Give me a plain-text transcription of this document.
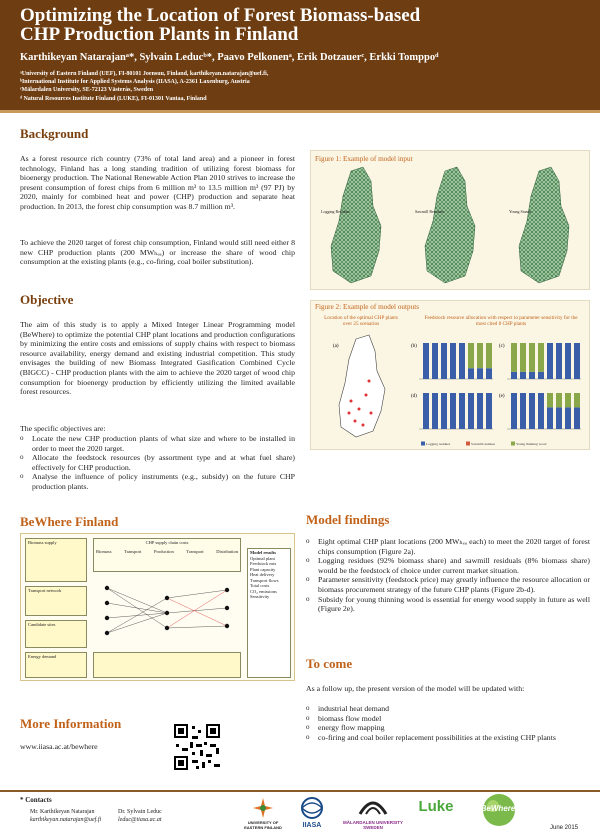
Optimizing the Location of Forest Biomass-based
CHP Production Plants in Finland
Karthikeyan Natarajanᵃ*, Sylvain Leducᵇ*, Paavo Pelkonenᵃ, Erik Dotzauerᶜ, Erkki Tomppoᵈ
ᵃUniversity of Eastern Finland (UEF), FI-80101 Joensuu, Finland, karthikeyan.natarajan@uef.fi,
ᵇInternational Institute for Applied Systems Analysis (IIASA), A-2361 Laxenburg, Austria
ᶜMälardalen University, SE-72123 Västerås, Sweden
ᵈ Natural Resources Institute Finland (LUKE), FI-01301 Vantaa, Finland
Background
As a forest resource rich country (73% of total land area) and a pioneer in forest technology, Finland has a long standing tradition of utilizing forest biomass for bioenergy production. The National Renewable Action Plan 2010 strives to increase the present consumption of forest chips from 6 million m³ to 13.5 million m³ (97 PJ) by 2020, mainly for combined heat and power (CHP) production and separate heat production. In 2013, the forest chip consumption was 8.7 million m³.
To achieve the 2020 target of forest chip consumption, Finland would still need either 8 new CHP production plants (200 MWₕₑₐ) or increase the share of wood chip consumption at the existing plants (e.g., co-firing, coal boiler substitution).
Objective
The aim of this study is to apply a Mixed Integer Linear Programming model (BeWhere) to optimize the potential CHP plant locations and production configurations by minimizing the entire costs and emissions of supply chains with respect to biomass resource availability, energy demand and existing industrial competition. This study envisages the building of new Biomass Integrated Gasification Combined Cycle (BIGCC) - CHP production plants with the aim to achieve the 2020 target of wood chip consumption for bioenergy production by efficiently utilizing the limited available forest resources.
The specific objectives are:
o Locate the new CHP production plants of what size and where to be installed in order to meet the 2020 target.
o Allocate the feedstock resources (by assortment type and at what fuel share) effectively for CHP production.
o Analyse the influence of policy instruments (e.g., subsidy) on the future CHP production plants.
Figure 1: Example of model input
Logging Residues	Sawmill Residues	Young Stands
Figure 2: Example of model outputs
Location of the optimal CHP plants over 25 scenarios
Feedstock resource allocation with respect to parameter sensitivity for the most cited 8 CHP plants
(a)	(b)	(c)
(d)	(e)
Logging residues	Sawmill residues	Young thinning wood
BeWhere Finland
Biomass supply
Transport network
Candidate sites
Energy demand
CHP supply chain costs
Biomass	Transport	Production	Transport	Distribution	Model results
Optimal plant
Feedstock mix
Plant capacity
Heat delivery
Transport flows
Total costs
CO₂ emissions
Sensitivity
More Information
www.iiasa.ac.at/bewhere
Model findings
o Eight optimal CHP plant locations (200 MWₕₑₐ each) to meet the 2020 target of forest chips consumption (Figure 2a).
o Logging residues (92% biomass share) and sawmill residuals (8% biomass share) would be the feedstock of choice under current market situation.
o Parameter sensitivity (feedstock price) may greatly influence the resource allocation or biomass procurement strategy of the future CHP plants (Figure 2b-d).
o Subsidy for young thinning wood is essential for energy wood supply in future as well (Figure 2e).
To come
As a follow up, the present version of the model will be updated with:
o industrial heat demand
o biomass flow model
o energy flow mapping
o co-firing and coal boiler replacement possibilities at the existing CHP plants
* Contacts
Mr. Karthikeyan Natarajan
karthikeyan.natarajan@uef.fi
Dr. Sylvain Leduc
leduc@iiasa.ac.at	UNIVERSITY OF EASTERN FINLAND	IIASA	MÄLARDALEN UNIVERSITY SWEDEN
Luke	BeWhere
June 2015
